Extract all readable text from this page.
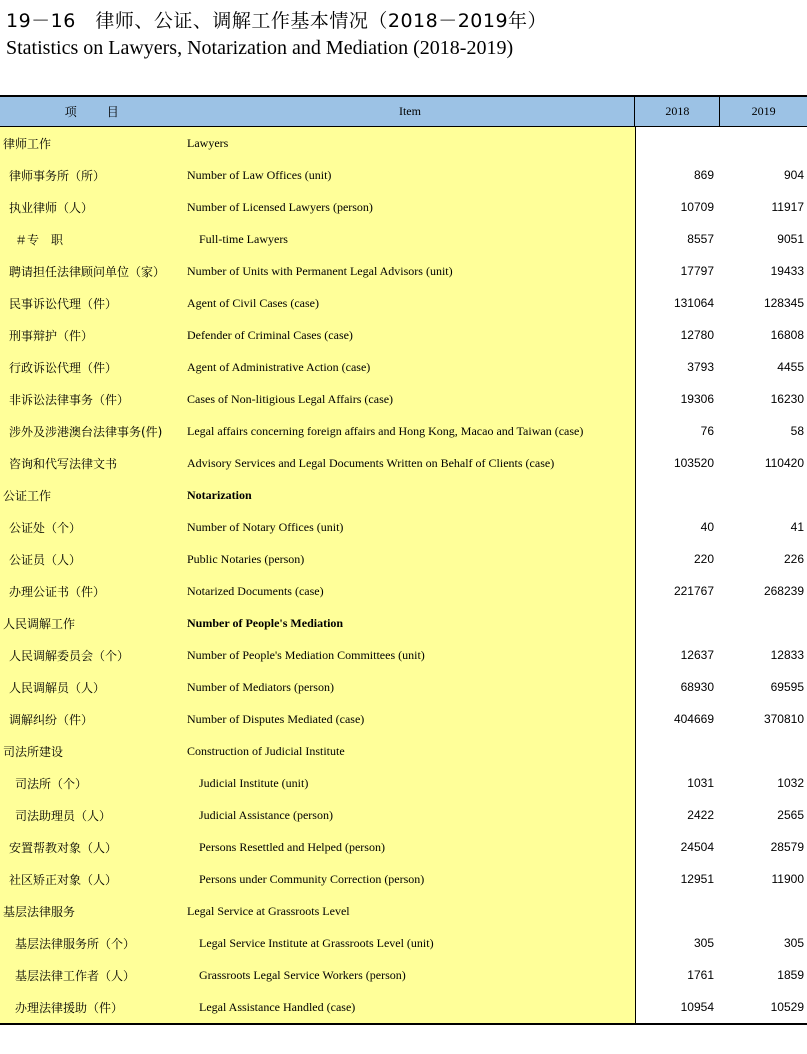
19－16　律师、公证、调解工作基本情况（2018－2019年）
Statistics on Lawyers, Notarization and Mediation (2018-2019)
项　　目	Item	2018	2019
律师工作	Lawyers
律师事务所（所）	Number of Law Offices (unit)	869	904
执业律师（人）	Number of Licensed Lawyers (person)	10709	11917
＃专　职	Full-time Lawyers	8557	9051
聘请担任法律顾问单位（家）	Number of Units with Permanent Legal Advisors (unit)	17797	19433
民事诉讼代理（件）	Agent of Civil Cases (case)	131064	128345
刑事辩护（件）	Defender of Criminal Cases (case)	12780	16808
行政诉讼代理（件）	Agent of Administrative Action (case)	3793	4455
非诉讼法律事务（件）	Cases of Non-litigious Legal Affairs (case)	19306	16230
涉外及涉港澳台法律事务(件)	Legal affairs concerning foreign affairs and Hong Kong, Macao and Taiwan (case)	76	58
咨询和代写法律文书	Advisory Services and Legal Documents Written on Behalf of Clients (case)	103520	110420
公证工作	Notarization
公证处（个）	Number of Notary Offices (unit)	40	41
公证员（人）	Public Notaries (person)	220	226
办理公证书（件）	Notarized Documents (case)	221767	268239
人民调解工作	Number of People's Mediation
人民调解委员会（个）	Number of People's Mediation Committees (unit)	12637	12833
人民调解员（人）	Number of Mediators (person)	68930	69595
调解纠纷（件）	Number of Disputes Mediated (case)	404669	370810
司法所建设	Construction of Judicial Institute
司法所（个）	Judicial Institute (unit)	1031	1032
司法助理员（人）	Judicial Assistance (person)	2422	2565
安置帮教对象（人）	Persons Resettled and Helped (person)	24504	28579
社区矫正对象（人）	Persons under Community Correction (person)	12951	11900
基层法律服务	Legal Service at Grassroots Level
基层法律服务所（个）	Legal Service Institute at Grassroots Level (unit)	305	305
基层法律工作者（人）	Grassroots Legal Service Workers (person)	1761	1859
办理法律援助（件）	Legal Assistance Handled (case)	10954	10529
